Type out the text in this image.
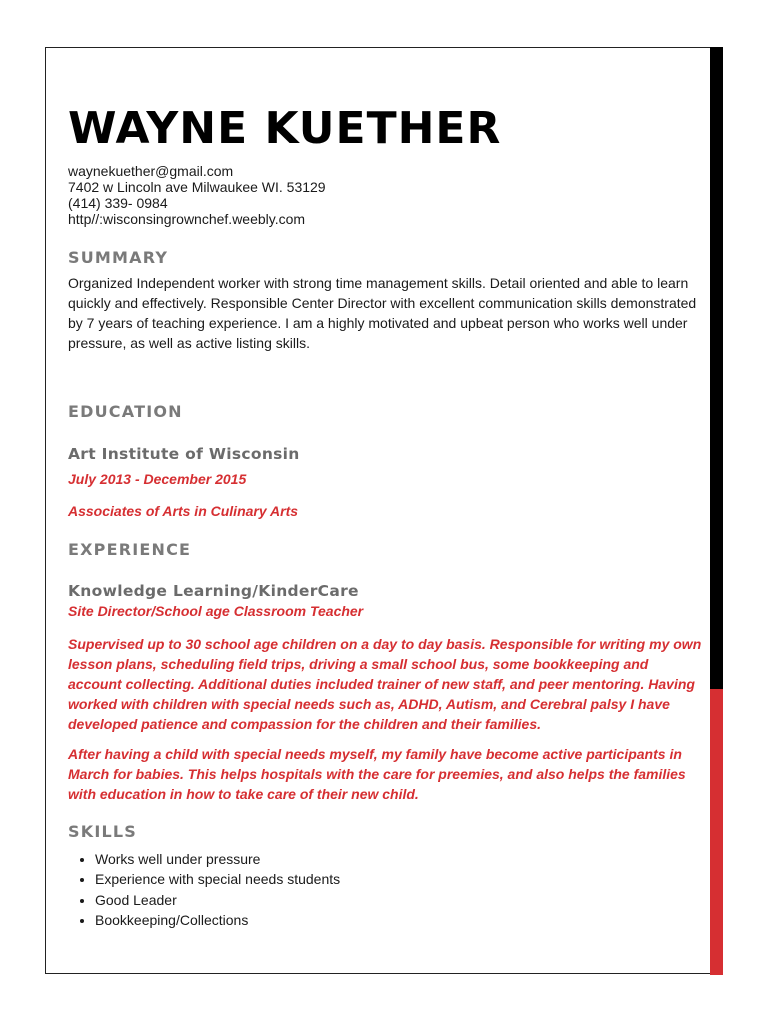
WAYNE KUETHER
waynekuether@gmail.com
7402 w Lincoln ave Milwaukee WI. 53129
(414) 339- 0984
http//:wisconsingrownchef.weebly.com
SUMMARY

Organized Independent worker with strong time management skills. Detail oriented and able to learn quickly and effectively. Responsible Center Director with excellent communication skills demonstrated by 7 years of teaching experience. I am a highly motivated and upbeat person who works well under pressure, as well as active listing skills.

EDUCATION
Art Institute of Wisconsin

July 2013 - December 2015

Associates of Arts in Culinary Arts

EXPERIENCE
Knowledge Learning/KinderCare

Site Director/School age Classroom Teacher

Supervised up to 30 school age children on a day to day basis. Responsible for writing my own lesson plans, scheduling field trips, driving a small school bus, some bookkeeping and account collecting. Additional duties included trainer of new staff, and peer mentoring. Having worked with children with special needs such as, ADHD, Autism, and Cerebral palsy I have developed patience and compassion for the children and their families.

After having a child with special needs myself, my family have become active participants in March for babies. This helps hospitals with the care for preemies, and also helps the families with education in how to take care of their new child.

SKILLS
• Works well under pressure
• Experience with special needs students
• Good Leader
• Bookkeeping/Collections
